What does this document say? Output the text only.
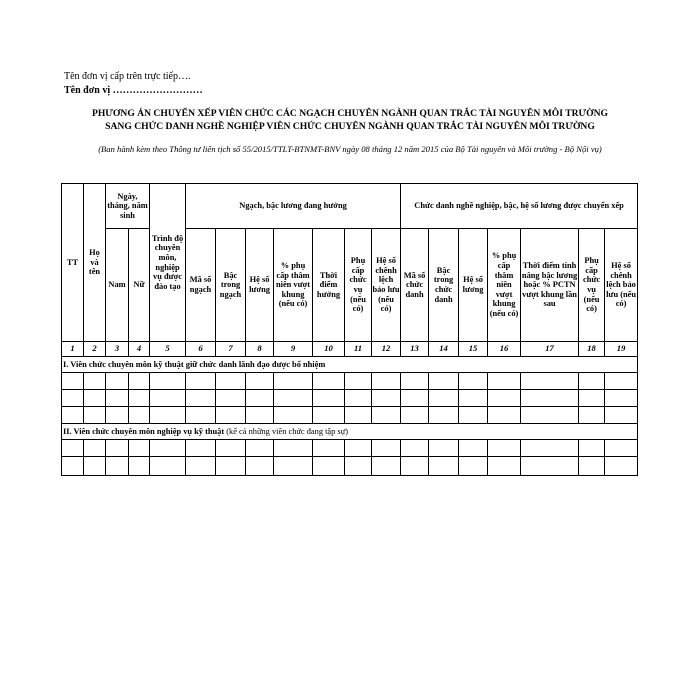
Tên đơn vị cấp trên trực tiếp….
Tên đơn vị ………………………
PHƯƠNG ÁN CHUYỂN XẾP VIÊN CHỨC CÁC NGẠCH CHUYÊN NGÀNH QUAN TRẮC TÀI NGUYÊN MÔI TRƯỜNG
SANG CHỨC DANH NGHỀ NGHIỆP VIÊN CHỨC CHUYÊN NGÀNH QUAN TRẮC TÀI NGUYÊN MÔI TRƯỜNG
(Ban hành kèm theo Thông tư liên tịch số 55/2015/TTLT-BTNMT-BNV ngày 08 tháng 12 năm 2015 của Bộ Tài nguyên và Môi trường - Bộ Nội vụ)
TT	Họ và tên	Ngày, tháng, năm sinh		Trình độ chuyên môn, nghiệp vụ được đào tạo	Ngạch, bậc lương đang hưởng							Chức danh nghề nghiệp, bậc, hệ số lương được chuyển xếp						
		Nam	Nữ		Mã số ngạch	Bậc trong ngạch	Hệ số lương	% phụ cấp thâm niên vượt khung (nếu có)	Thời điểm hưởng	Phụ cấp chức vụ (nếu có)	Hệ số chênh lệch bảo lưu (nếu có)	Mã số chức danh	Bậc trong chức danh	Hệ số lương	% phụ cấp thâm niên vượt khung (nếu có)	Thời điểm tính nâng bậc lương hoặc % PCTN vượt khung lần sau	Phụ cấp chức vụ (nếu có)	Hệ số chênh lệch bảo lưu (nếu có)
1	2	3	4	5	6	7	8	9	10	11	12	13	14	15	16	17	18	19
I. Viên chức chuyên môn kỹ thuật giữ chức danh lãnh đạo được bổ nhiệm																		

II. Viên chức chuyên môn nghiệp vụ kỹ thuật (kể cả những viên chức đang tập sự)																		
